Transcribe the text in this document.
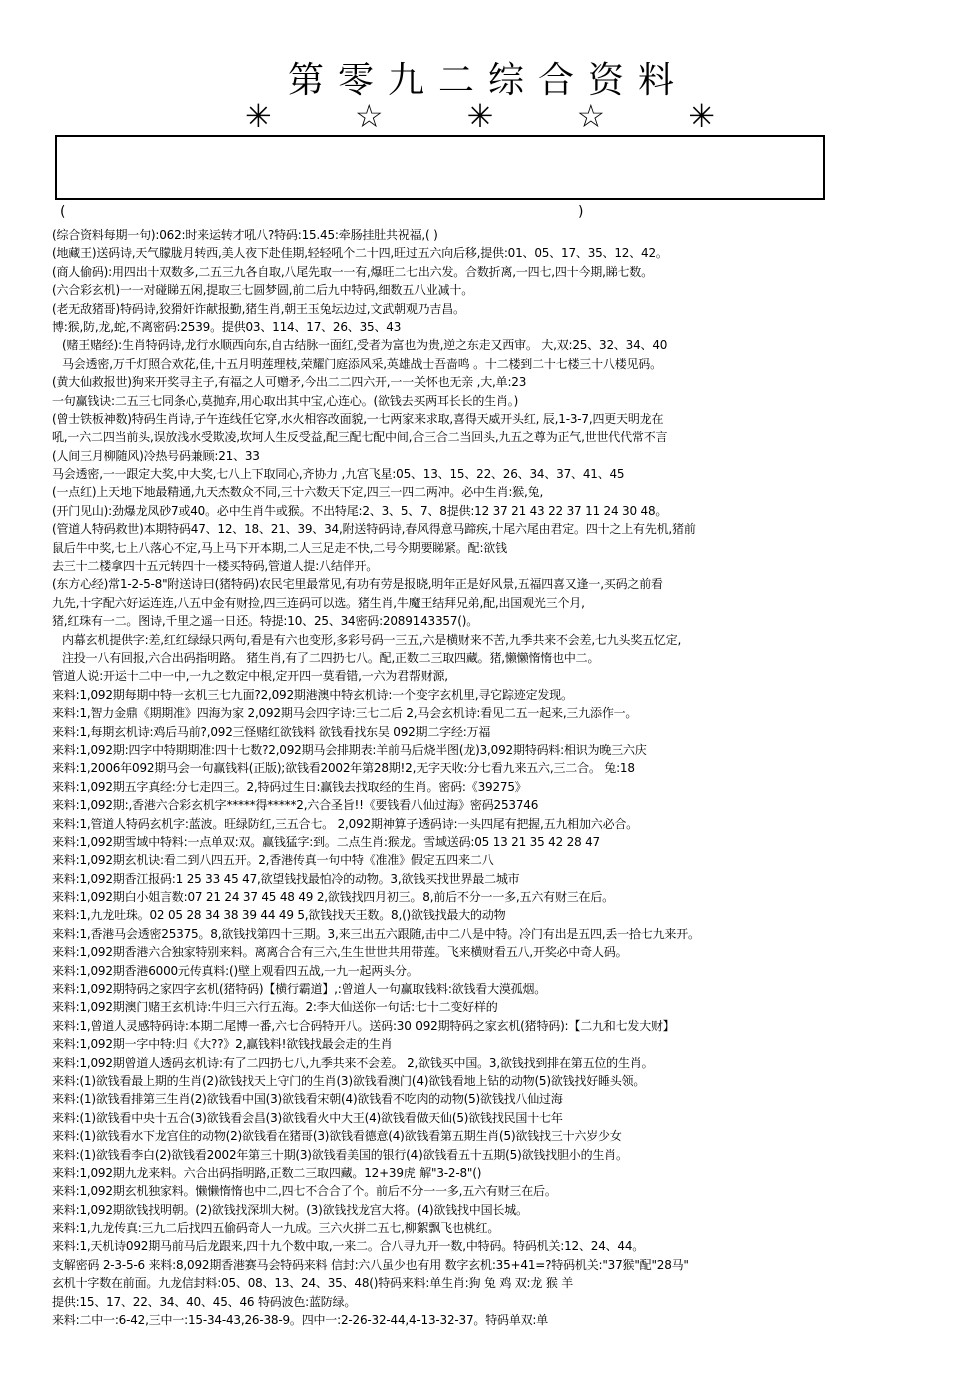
第零九二综合资料
✳	☆	✳	☆	✳
(	)
(综合资料每期一句):062:时来运转才吼八?特码:15.45:牵肠挂肚共祝福,( )
(地藏王)送码诗,天气朦胧月转西,美人夜下赴佳期,轻轻吼个二十四,旺过五六向后移,提供:01、05、17、35、12、42。
(商人偷码):用四出十双数多,二五三九各自取,八尾先取一一有,爆旺二七出六发。合数折离,一四七,四十今期,睇七数。
(六合彩玄机)一一对碰睇五闲,提取三七圆梦圆,前二后九中特码,细数五八业减十。
(老无敌猪哥)特码诗,狡猾奸诈献报勤,猪生肖,朝王玉兔坛边过,文武朝观乃吉昌。
博:猴,防,龙,蛇,不离密码:2539。提供03、114、17、26、35、43
(赌王赌经):生肖特码诗,龙行水顺西向东,自古结脉一面红,受者为富也为贵,逆之东走又西审。 大,双:25、32、34、40
马会透密,万千灯照合欢花,佳,十五月明莲理枝,荣耀门庭添风采,英雄战士吾啬鸣 。十二楼到二十七楼三十八楼见码。
(黄大仙救报世)狗来开奖寻主子,有福之人可赠矛,今出二二四六开,一一关怀也无亲 ,大,单:23
一句赢钱诀:二五三七同条心,莫抛弃,用心取出其中宝,心连心。(欲钱去买两耳长长的生肖。)
(曾士铁板神数)特码生肖诗,子午连线任它穿,水火相容改面貌,一七两家来求取,喜得天威开头红, 辰,1-3-7,四更天明龙在
吼,一六二四当前头,误放浅水受欺凌,坎坷人生反受益,配三配七配中间,合三合二当回头,九五之尊为正气,世世代代常不言
(人间三月柳随风)冷热号码兼顾:21、33
马会透密,一一跟定大奖,中大奖,七八上下取同心,齐协力 ,九宫飞星:05、13、15、22、26、34、37、41、45
(一点红)上天地下地最精通,九天杰数众不同,三十六数天下定,四三一四二两冲。必中生肖:猴,兔,
(开门见山):劲爆龙凤砂7或40。必中生肖牛或猴。不出特尾:2、3、5、7、8提供:12 37 21 43 22 37 11 24 30 48。
(管道人特码救世)本期特码47、12、18、21、39、34,附送特码诗,春风得意马蹄疾,十尾六尾由君定。四十之上有先机,猪前
鼠后牛中奖,七上八落心不定,马上马下开本期,二人三足走不快,二号今期要睇紧。配:欲钱
去三十二楼拿四十五元转四十一楼买特码,管道人提:八结伴开。
(东方心经)常1-2-5-8"附送诗曰(猪特码)农民宅里最常见,有功有劳是报晓,明年正是好风景,五福四喜又逢一,买码之前看
九先,十字配六好运连连,八五中金有财捡,四三连码可以选。猪生肖,牛魔王结拜兄弟,配,出国观光三个月,
猪,红珠有一二。图诗,千里之遥一日还。特提:10、25、34密码:2089143357()。
内幕玄机提供字:差,红红绿绿只两句,看是有六也变形,多彩号码一三五,六是横财来不苦,九季共来不会差,七九头奖五忆定,
注投一八有回报,六合出码指明路。 猪生肖,有了二四扔七八。配,正数二三取四藏。猪,懒懒惰惰也中二。
管道人说:开运十二中一中,一九之数定中根,定开四一莫看错,一六为君帮财源,
来料:1,092期每期中特一玄机三七九面?2,092期港澳中特玄机诗:一个变字玄机里,寻它踪迹定发现。
来料:1,智力金鼎《期期准》四海为家 2,092期马会四字诗:三七二后 2,马会玄机诗:看见二五一起来,三九添作一。
来料:1,每期玄机诗:鸡后马前?,092三怪赌红欲钱料 欲钱看找东吴 092期二字经:万福
来料:1,092期:四字中特期期准:四十七数?2,092期马会排期表:羊前马后烧半图(龙)3,092期特码料:相识为晚三六庆
来料:1,2006年092期马会一句赢钱料(正版);欲钱看2002年第28期!2,无字天收:分七看九来五六,三二合。 兔:18
来料:1,092期五字真经:分七走四三。2,特码过生日:赢钱去找取经的生肖。密码:《39275》
来料:1,092期:,香港六合彩玄机字*****得*****2,六合圣旨!!《要钱看八仙过海》密码253746
来料:1,管道人特码玄机字:蓝波。旺绿防红,三五合七。 2,092期神算子透码诗:一头四尾有把握,五九相加六必合。
来料:1,092期雪域中特料:一点单双:双。赢钱猛字:到。二点生肖:猴龙。雪域送码:05 13 21 35 42 28 47
来料:1,092期玄机诀:看二到八四五开。2,香港传真一句中特《准准》假定五四来二八
来料:1,092期香江报码:1 25 33 45 47,欲望钱找最怕冷的动物。3,欲钱买找世界最二城市
来料:1,092期白小姐言数:07 21 24 37 45 48 49 2,欲钱找四月初三。8,前后不分一一多,五六有财三在后。
来料:1,九龙吐珠。02 05 28 34 38 39 44 49 5,欲钱找天王数。8,()欲钱找最大的动物
来料:1,香港马会透密25375。8,欲钱找第四十三期。3,来三出五六跟随,击中二八是中特。冷门有出是五四,丢一拾七九来开。
来料:1,092期香港六合独家特别来料。离离合合有三六,生生世世共用带莲。飞来横财看五八,开奖必中奇人码。
来料:1,092期香港6000元传真料:()壁上观看四五战,一九一起两头分。
来料:1,092期特码之家四字玄机(猪特码)【横行霸道】,:曾道人一句赢取钱料:欲钱看大漠孤烟。
来料:1,092期澳门赌王玄机诗:牛归三六行五海。2:李大仙送你一句话:七十二变好样的
来料:1,曾道人灵感特码诗:本期二尾博一番,六七合码特开八。送码:30 092期特码之家玄机(猪特码):【二九和七发大财】
来料:1,092期一字中特:归《大??》2,赢钱料!欲钱找最会走的生肖
来料:1,092期曾道人透码玄机诗:有了二四扔七八,九季共来不会差。 2,欲钱买中国。3,欲钱找到排在第五位的生肖。
来料:(1)欲钱看最上期的生肖(2)欲钱找天上守门的生肖(3)欲钱看澳门(4)欲钱看地上钻的动物(5)欲钱找好睡头领。
来料:(1)欲钱看排第三生肖(2)欲钱看中国(3)欲钱看宋朝(4)欲钱看不吃肉的动物(5)欲钱找八仙过海
来料:(1)欲钱看中央十五合(3)欲钱看会昌(3)欲钱看火中大王(4)欲钱看做天仙(5)欲钱找民国十七年
来料:(1)欲钱看水下龙宫住的动物(2)欲钱看在猪哥(3)欲钱看德意(4)欲钱看第五期生肖(5)欲钱找三十六岁少女
来料:(1)欲钱看李白(2)欲钱看2002年第三十期(3)欲钱看美国的银行(4)欲钱看五十五期(5)欲钱找胆小的生肖。
来料:1,092期九龙来料。六合出码指明路,正数二三取四藏。12+39虎 解"3-2-8"()
来料:1,092期玄机独家料。懒懒惰惰也中二,四七不合合了个。前后不分一一多,五六有财三在后。
来料:1,092期欲钱找明朝。(2)欲钱找深圳大树。(3)欲钱找龙宫大将。(4)欲钱找中国长城。
来料:1,九龙传真:三九二后找四五偷码奇人一九成。三六火拼二五七,柳絮飘飞也桃红。
来料:1,天机诗092期马前马后龙跟来,四十九个数中取,一来二。合八寻九开一数,中特码。特码机关:12、24、44。
支解密码 2-3-5-6 来料:8,092期香港赛马会特码来料 信封:六八虽少也有用 数字玄机:35+41=?特码机关:"37猴"配"28马"
玄机十字数在前面。九龙信封料:05、08、13、24、35、48()特码来料:单生肖:狗 兔 鸡 双:龙 猴 羊
提供:15、17、22、34、40、45、46 特码波色:蓝防绿。
来料:二中一:6-42,三中一:15-34-43,26-38-9。四中一:2-26-32-44,4-13-32-37。特码单双:单
